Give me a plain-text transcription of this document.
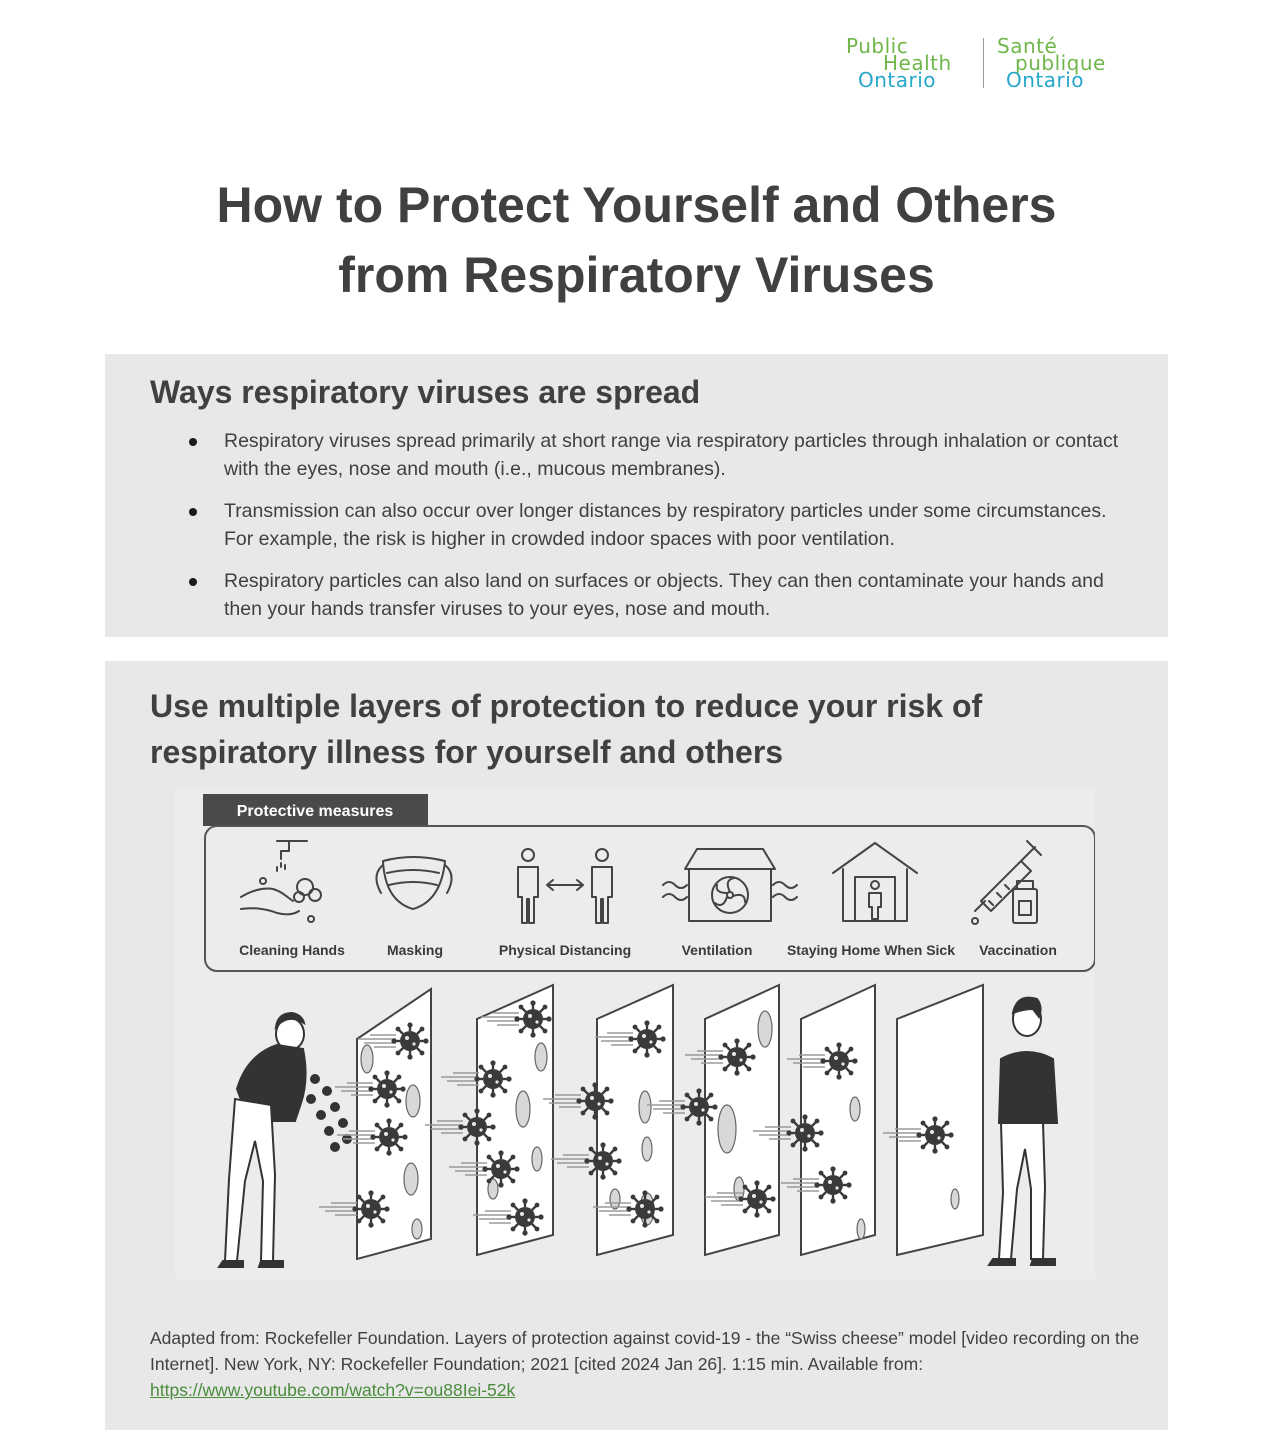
Public
Health
Ontario
Santé
publique
Ontario
How to Protect Yourself and Others
from Respiratory Viruses
Ways respiratory viruses are spread
Respiratory viruses spread primarily at short range via respiratory particles through inhalation or contact with the eyes, nose and mouth (i.e., mucous membranes).
Transmission can also occur over longer distances by respiratory particles under some circumstances. For example, the risk is higher in crowded indoor spaces with poor ventilation.
Respiratory particles can also land on surfaces or objects. They can then contaminate your hands and then your hands transfer viruses to your eyes, nose and mouth.
Use multiple layers of protection to reduce your risk of respiratory illness for yourself and others
Protective measures
Cleaning Hands	Masking	Physical Distancing	Ventilation Staying Home When Sick Vaccination
Adapted from: Rockefeller Foundation. Layers of protection against covid-19 - the “Swiss cheese” model [video recording on the Internet]. New York, NY: Rockefeller Foundation; 2021 [cited 2024 Jan 26]. 1:15 min. Available from: https://www.youtube.com/watch?v=ou88Iei-52k
